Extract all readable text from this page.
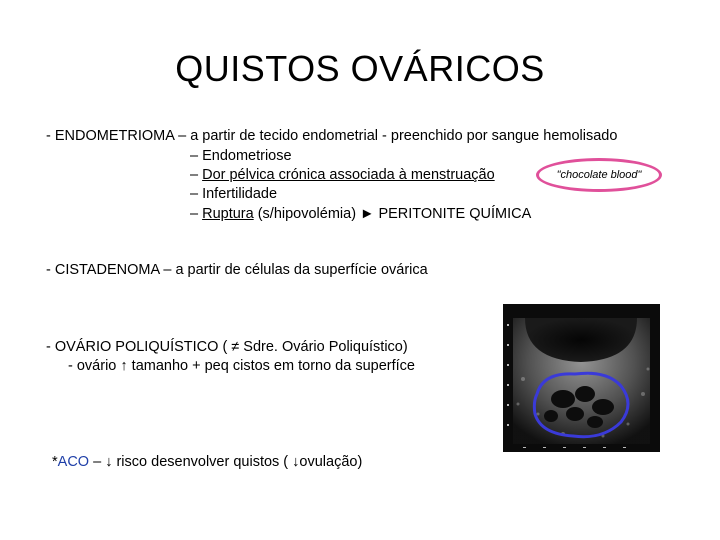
QUISTOS OVÁRICOS
- ENDOMETRIOMA – a partir de tecido endometrial - preenchido por sangue hemolisado
– Endometriose
– Dor pélvica crónica associada à menstruação
– Infertilidade
– Ruptura (s/hipovolémia) ► PERITONITE QUÍMICA
"chocolate blood"
- CISTADENOMA – a partir de células da superfície ovárica
- OVÁRIO POLIQUÍSTICO ( ≠ Sdre. Ovário Poliquístico)
- ovário ↑ tamanho + peq cistos em torno da superfíce
*ACO – ↓ risco desenvolver quistos ( ↓ovulação)
